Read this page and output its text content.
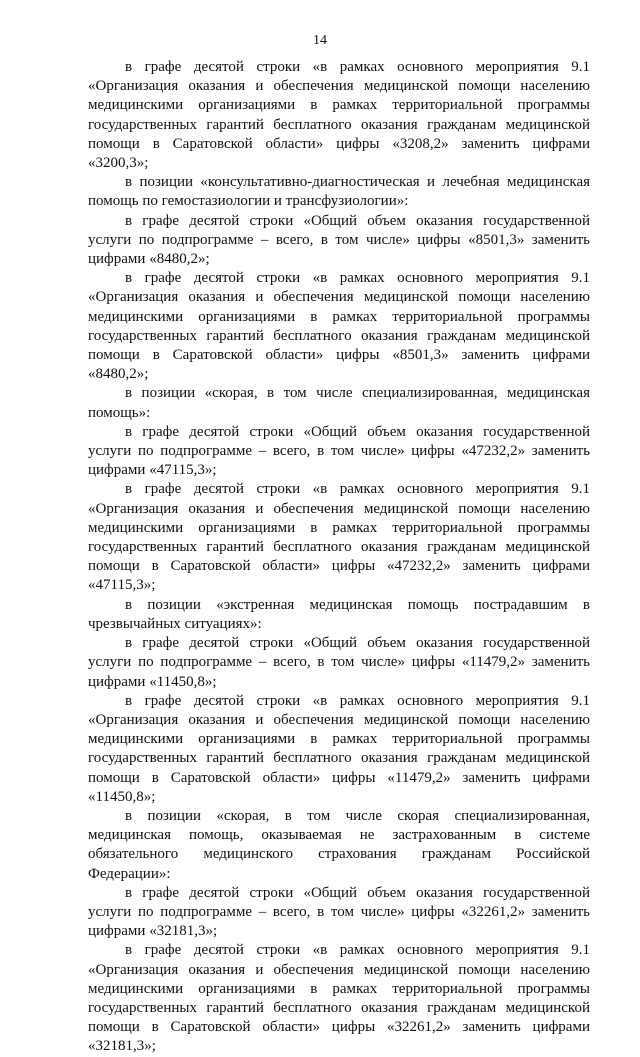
14

в графе десятой строки «в рамках основного мероприятия 9.1 «Организация оказания и обеспечения медицинской помощи населению медицинскими организациями в рамках территориальной программы государственных гарантий бесплатного оказания гражданам медицинской помощи в Саратовской области» цифры «3208,2» заменить цифрами «3200,3»;

в позиции «консультативно-диагностическая и лечебная медицинская помощь по гемостазиологии и трансфузиологии»:

в графе десятой строки «Общий объем оказания государственной услуги по подпрограмме – всего, в том числе» цифры «8501,3» заменить цифрами «8480,2»;

в графе десятой строки «в рамках основного мероприятия 9.1 «Организация оказания и обеспечения медицинской помощи населению медицинскими организациями в рамках территориальной программы государственных гарантий бесплатного оказания гражданам медицинской помощи в Саратовской области» цифры «8501,3» заменить цифрами «8480,2»;

в позиции «скорая, в том числе специализированная, медицинская помощь»:

в графе десятой строки «Общий объем оказания государственной услуги по подпрограмме – всего, в том числе» цифры «47232,2» заменить цифрами «47115,3»;

в графе десятой строки «в рамках основного мероприятия 9.1 «Организация оказания и обеспечения медицинской помощи населению медицинскими организациями в рамках территориальной программы государственных гарантий бесплатного оказания гражданам медицинской помощи в Саратовской области» цифры «47232,2» заменить цифрами «47115,3»;

в позиции «экстренная медицинская помощь пострадавшим в чрезвычайных ситуациях»:

в графе десятой строки «Общий объем оказания государственной услуги по подпрограмме – всего, в том числе» цифры «11479,2» заменить цифрами «11450,8»;

в графе десятой строки «в рамках основного мероприятия 9.1 «Организация оказания и обеспечения медицинской помощи населению медицинскими организациями в рамках территориальной программы государственных гарантий бесплатного оказания гражданам медицинской помощи в Саратовской области» цифры «11479,2» заменить цифрами «11450,8»;

в позиции «скорая, в том числе скорая специализированная, медицинская помощь, оказываемая не застрахованным в системе обязательного медицинского страхования гражданам Российской Федерации»:

в графе десятой строки «Общий объем оказания государственной услуги по подпрограмме – всего, в том числе» цифры «32261,2» заменить цифрами «32181,3»;

в графе десятой строки «в рамках основного мероприятия 9.1 «Организация оказания и обеспечения медицинской помощи населению медицинскими организациями в рамках территориальной программы государственных гарантий бесплатного оказания гражданам медицинской помощи в Саратовской области» цифры «32261,2» заменить цифрами «32181,3»;
